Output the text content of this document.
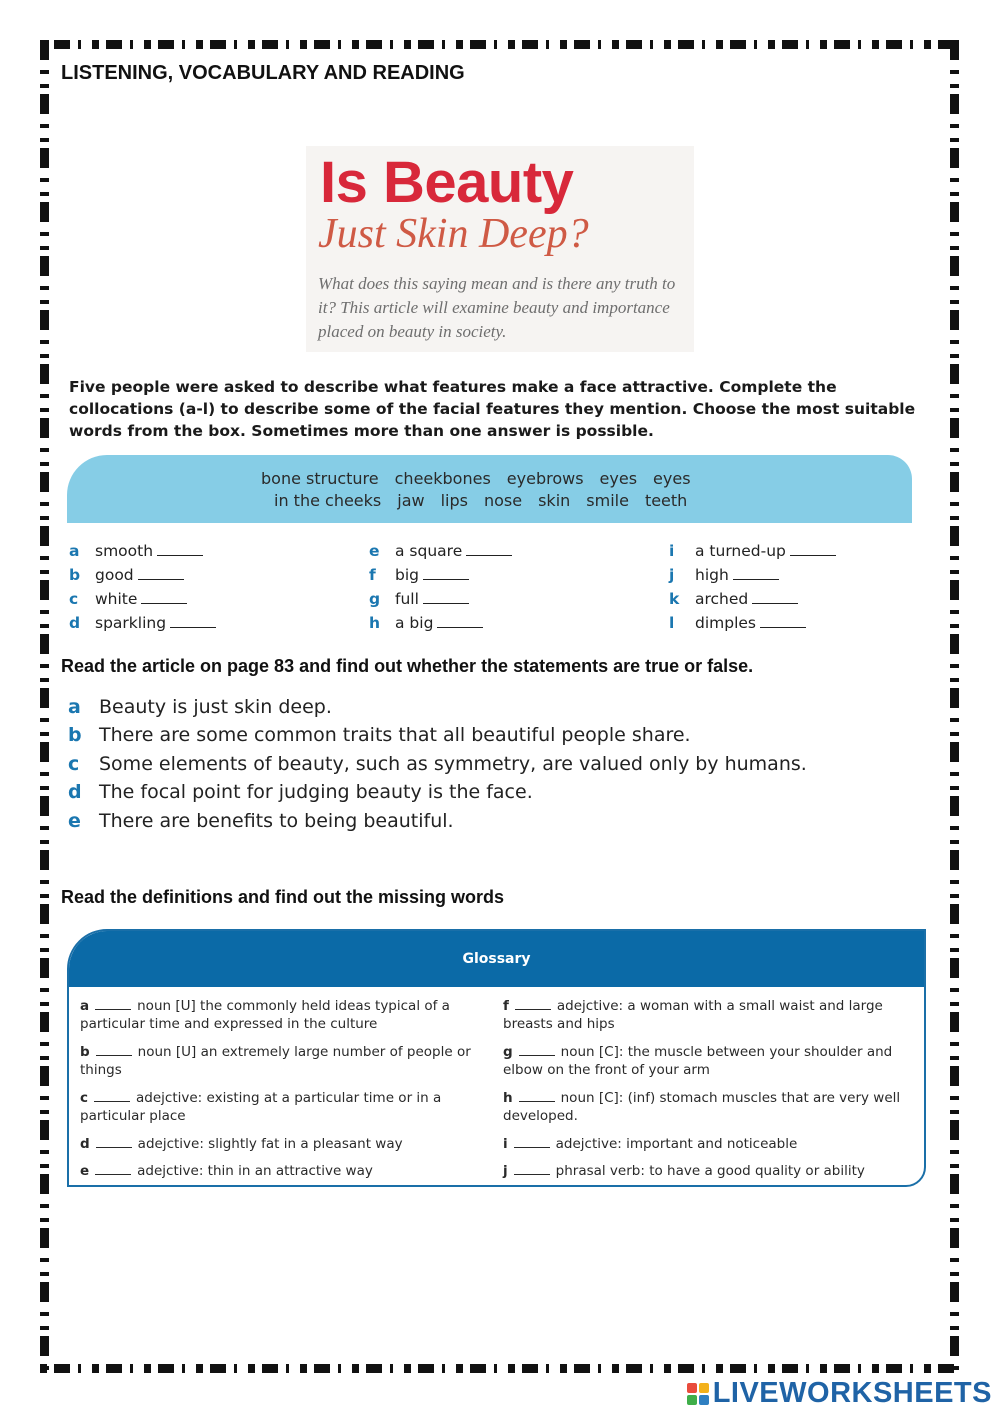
LISTENING, VOCABULARY AND READING
Is Beauty
Just Skin Deep?
What does this saying mean and is there any truth to it? This article will examine beauty and importance placed on beauty in society.
Five people were asked to describe what features make a face attractive. Complete the collocations (a-l) to describe some of the facial features they mention. Choose the most suitable words from the box. Sometimes more than one answer is possible.
bone structure cheekbones eyebrows eyes eyes
in the cheeks jaw lips nose skin smile teeth
a smooth
b good
c white
d sparkling
e a square
f big
g full
h a big
i a turned-up
j high
k arched
l dimples
Read the article on page 83 and find out whether the statements are true or false.
a Beauty is just skin deep.
b There are some common traits that all beautiful people share.
c Some elements of beauty, such as symmetry, are valued only by humans.
d The focal point for judging beauty is the face.
e There are benefits to being beautiful.
Read the definitions and find out the missing words
Glossary
a	noun [U] the commonly held ideas typical of a particular time and expressed in the culture
b	noun [U] an extremely large number of people or things
c	adejctive: existing at a particular time or in a particular place
d	adejctive: slightly fat in a pleasant way
e	adejctive: thin in an attractive way
f	adejctive: a woman with a small waist and large breasts and hips
g	noun [C]: the muscle between your shoulder and elbow on the front of your arm
h	noun [C]: (inf) stomach muscles that are very well developed.
i	adejctive: important and noticeable
j	phrasal verb: to have a good quality or ability
LIVEWORKSHEETS
